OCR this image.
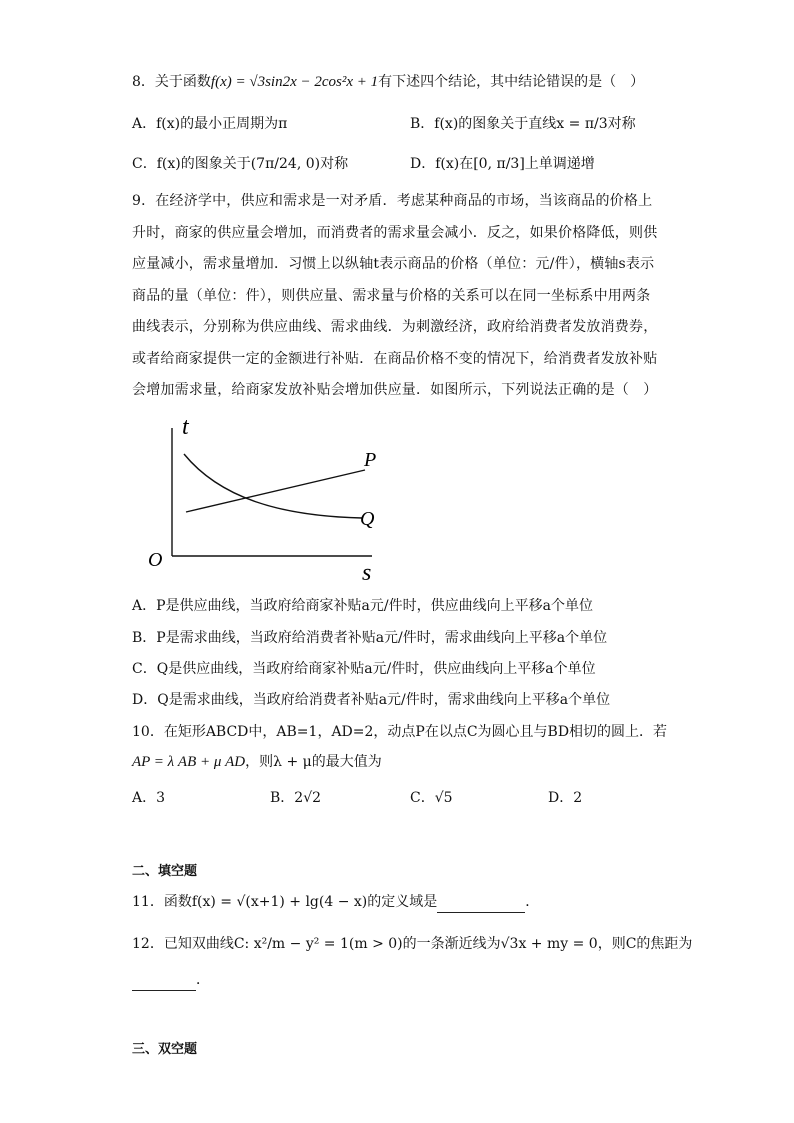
8．关于函数f(x) = √3sin2x − 2cos²x + 1有下述四个结论，其中结论错误的是（　）
A．f(x)的最小正周期为π	B．f(x)的图象关于直线x = π/3对称
C．f(x)的图象关于(7π/24, 0)对称	D．f(x)在[0, π/3]上单调递增
9．在经济学中，供应和需求是一对矛盾．考虑某种商品的市场，当该商品的价格上升时，商家的供应量会增加，而消费者的需求量会减小．反之，如果价格降低，则供应量减小，需求量增加．习惯上以纵轴t表示商品的价格（单位：元/件），横轴s表示商品的量（单位：件），则供应量、需求量与价格的关系可以在同一坐标系中用两条曲线表示，分别称为供应曲线、需求曲线．为刺激经济，政府给消费者发放消费券，或者给商家提供一定的金额进行补贴．在商品价格不变的情况下，给消费者发放补贴会增加需求量，给商家发放补贴会增加供应量．如图所示，下列说法正确的是（　）
t
s
O
P
Q
A．P是供应曲线，当政府给商家补贴a元/件时，供应曲线向上平移a个单位
B．P是需求曲线，当政府给消费者补贴a元/件时，需求曲线向上平移a个单位
C．Q是供应曲线，当政府给商家补贴a元/件时，供应曲线向上平移a个单位
D．Q是需求曲线，当政府给消费者补贴a元/件时，需求曲线向上平移a个单位
10．在矩形ABCD中，AB=1，AD=2，动点P在以点C为圆心且与BD相切的圆上．若
AP = λ AB + μ AD，则λ + μ的最大值为
A．3	B．2√2	C．√5	D．2
二、填空题
11．函数f(x) = √(x+1) + lg(4 − x)的定义域是	．
12．已知双曲线C: x²/m − y² = 1(m > 0)的一条渐近线为√3x + my = 0，则C的焦距为
．
三、双空题
